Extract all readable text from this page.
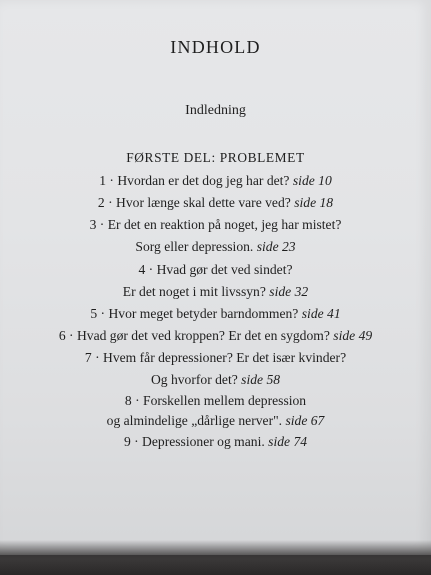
INDHOLD
Indledning
FØRSTE DEL: PROBLEMET
1 · Hvordan er det dog jeg har det? side 10
2 · Hvor længe skal dette vare ved? side 18
3 · Er det en reaktion på noget, jeg har mistet?
Sorg eller depression. side 23
4 · Hvad gør det ved sindet?
Er det noget i mit livssyn? side 32
5 · Hvor meget betyder barndommen? side 41
6 · Hvad gør det ved kroppen? Er det en sygdom? side 49
7 · Hvem får depressioner? Er det især kvinder?
Og hvorfor det? side 58
8 · Forskellen mellem depression
og almindelige „dårlige nerver". side 67
9 · Depressioner og mani. side 74
